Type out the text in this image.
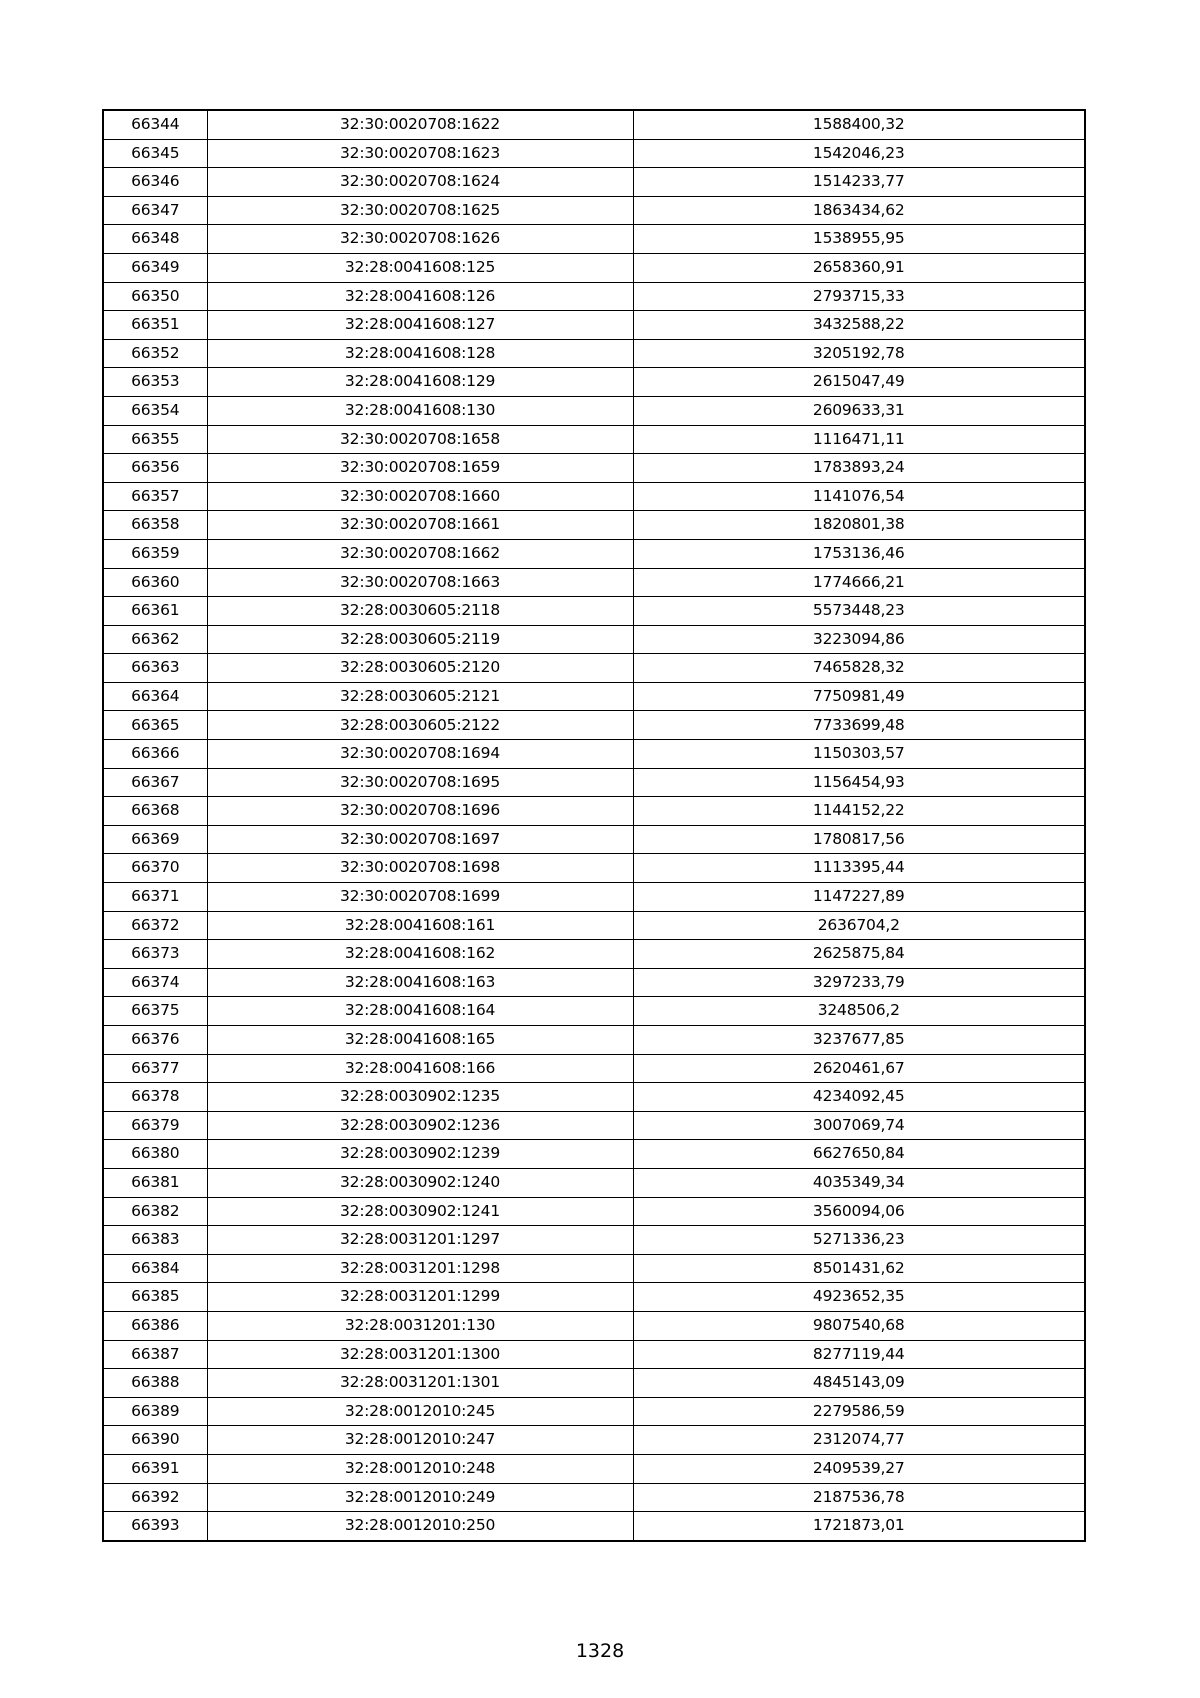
66344	32:30:0020708:1622	1588400,32
66345	32:30:0020708:1623	1542046,23
66346	32:30:0020708:1624	1514233,77
66347	32:30:0020708:1625	1863434,62
66348	32:30:0020708:1626	1538955,95
66349	32:28:0041608:125	2658360,91
66350	32:28:0041608:126	2793715,33
66351	32:28:0041608:127	3432588,22
66352	32:28:0041608:128	3205192,78
66353	32:28:0041608:129	2615047,49
66354	32:28:0041608:130	2609633,31
66355	32:30:0020708:1658	1116471,11
66356	32:30:0020708:1659	1783893,24
66357	32:30:0020708:1660	1141076,54
66358	32:30:0020708:1661	1820801,38
66359	32:30:0020708:1662	1753136,46
66360	32:30:0020708:1663	1774666,21
66361	32:28:0030605:2118	5573448,23
66362	32:28:0030605:2119	3223094,86
66363	32:28:0030605:2120	7465828,32
66364	32:28:0030605:2121	7750981,49
66365	32:28:0030605:2122	7733699,48
66366	32:30:0020708:1694	1150303,57
66367	32:30:0020708:1695	1156454,93
66368	32:30:0020708:1696	1144152,22
66369	32:30:0020708:1697	1780817,56
66370	32:30:0020708:1698	1113395,44
66371	32:30:0020708:1699	1147227,89
66372	32:28:0041608:161	2636704,2
66373	32:28:0041608:162	2625875,84
66374	32:28:0041608:163	3297233,79
66375	32:28:0041608:164	3248506,2
66376	32:28:0041608:165	3237677,85
66377	32:28:0041608:166	2620461,67
66378	32:28:0030902:1235	4234092,45
66379	32:28:0030902:1236	3007069,74
66380	32:28:0030902:1239	6627650,84
66381	32:28:0030902:1240	4035349,34
66382	32:28:0030902:1241	3560094,06
66383	32:28:0031201:1297	5271336,23
66384	32:28:0031201:1298	8501431,62
66385	32:28:0031201:1299	4923652,35
66386	32:28:0031201:130	9807540,68
66387	32:28:0031201:1300	8277119,44
66388	32:28:0031201:1301	4845143,09
66389	32:28:0012010:245	2279586,59
66390	32:28:0012010:247	2312074,77
66391	32:28:0012010:248	2409539,27
66392	32:28:0012010:249	2187536,78
66393	32:28:0012010:250	1721873,01
1328
